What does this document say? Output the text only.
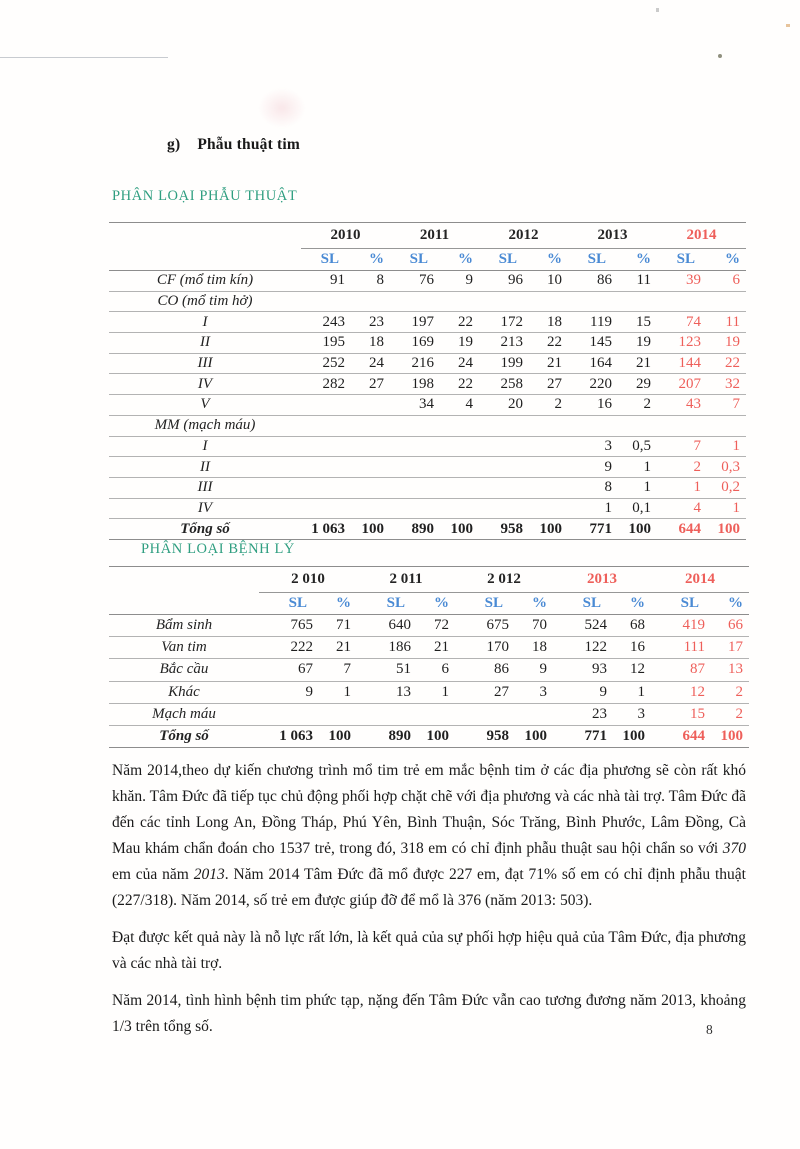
g) Phẫu thuật tim
PHÂN LOẠI PHẪU THUẬT
	2010		2011		2012		2013		2014	
	SL	%	SL	%	SL	%	SL	%	SL	%
CF (mổ tim kín)	91	8	76	9	96	10	86	11	39	6
CO (mổ tim hở)										
I	243	23	197	22	172	18	119	15	74	11
II	195	18	169	19	213	22	145	19	123	19
III	252	24	216	24	199	21	164	21	144	22
IV	282	27	198	22	258	27	220	29	207	32
V			34	4	20	2	16	2	43	7
MM (mạch máu)										
I							3	0,5	7	1
II							9	1	2	0,3
III							8	1	1	0,2
IV							1	0,1	4	1
Tổng số	1 063	100	890	100	958	100	771	100	644	100
PHÂN LOẠI BỆNH LÝ
	2 010		2 011		2 012		2013		2014	
	SL	%	SL	%	SL	%	SL	%	SL	%
Bẩm sinh	765	71	640	72	675	70	524	68	419	66
Van tim	222	21	186	21	170	18	122	16	111	17
Bắc cầu	67	7	51	6	86	9	93	12	87	13
Khác	9	1	13	1	27	3	9	1	12	2
Mạch máu							23	3	15	2
Tổng số	1 063	100	890	100	958	100	771	100	644	100

Năm 2014,theo dự kiến chương trình mổ tim trẻ em mắc bệnh tim ở các địa phương sẽ còn rất khó khăn. Tâm Đức đã tiếp tục chủ động phối hợp chặt chẽ với địa phương và các nhà tài trợ. Tâm Đức đã đến các tỉnh Long An, Đồng Tháp, Phú Yên, Bình Thuận, Sóc Trăng, Bình Phước, Lâm Đồng, Cà Mau khám chẩn đoán cho 1537 trẻ, trong đó, 318 em có chỉ định phẫu thuật sau hội chẩn so với 370 em của năm 2013. Năm 2014 Tâm Đức đã mổ được 227 em, đạt 71% số em có chỉ định phẫu thuật (227/318). Năm 2014, số trẻ em được giúp đỡ để mổ là 376 (năm 2013: 503).

Đạt được kết quả này là nỗ lực rất lớn, là kết quả của sự phối hợp hiệu quả của Tâm Đức, địa phương và các nhà tài trợ.

Năm 2014, tình hình bệnh tim phức tạp, nặng đến Tâm Đức vẫn cao tương đương năm 2013, khoảng 1/3 trên tổng số.	8
